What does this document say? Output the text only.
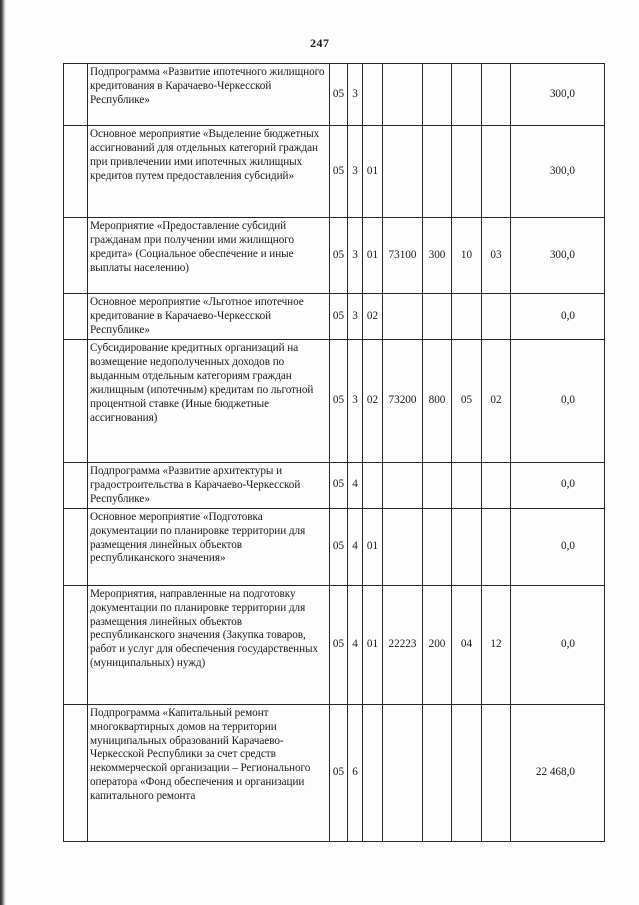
247
	Подпрограмма «Развитие ипотечного жилищного кредитования в Карачаево-Черкесской Республике»	05	3						300,0
	Основное мероприятие «Выделение бюджетных ассигнований для отдельных категорий граждан при привлечении ими ипотечных жилищных кредитов путем предоставления субсидий»	05	3	01					300,0
	Мероприятие «Предоставление субсидий гражданам при получении ими жилищного кредита» (Социальное обеспечение и иные выплаты населению)	05	3	01	73100	300	10	03	300,0
	Основное мероприятие «Льготное ипотечное кредитование в Карачаево-Черкесской Республике»	05	3	02					0,0
	Субсидирование кредитных организаций на возмещение недополученных доходов по выданным отдельным категориям граждан жилищным (ипотечным) кредитам по льготной процентной ставке (Иные бюджетные ассигнования)	05	3	02	73200	800	05	02	0,0
	Подпрограмма «Развитие архитектуры и градостроительства в Карачаево-Черкесской Республике»	05	4						0,0
	Основное мероприятие «Подготовка документации по планировке территории для размещения линейных объектов республиканского значения»	05	4	01					0,0
	Мероприятия, направленные на подготовку документации по планировке территории для размещения линейных объектов республиканского значения (Закупка товаров, работ и услуг для обеспечения государственных (муниципальных) нужд)	05	4	01	22223	200	04	12	0,0
	Подпрограмма «Капитальный ремонт многоквартирных домов на территории муниципальных образований Карачаево-Черкесской Республики за счет средств некоммерческой организации – Регионального оператора «Фонд обеспечения и организации капитального ремонта	05	6						22 468,0
